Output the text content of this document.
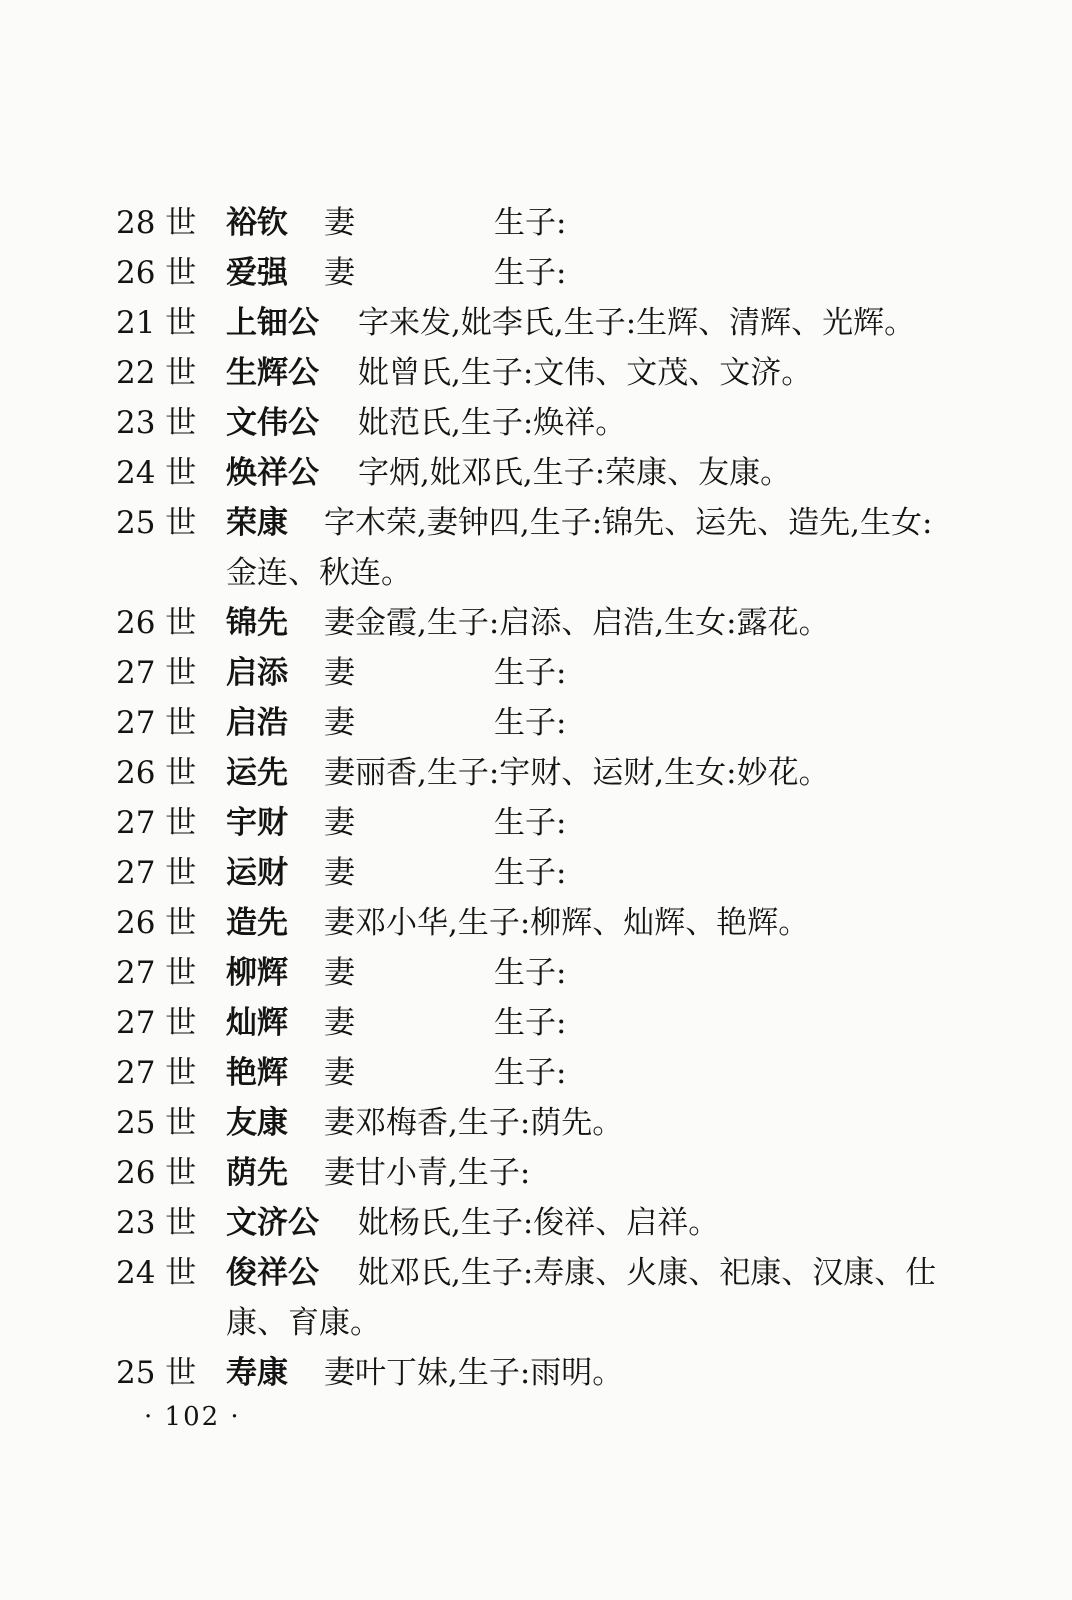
28 世 裕钦	妻	生子:
26 世 爱强	妻	生子:
21 世 上钿公	字来发,妣李氏,生子:生辉、清辉、光辉。
22 世 生辉公	妣曾氏,生子:文伟、文茂、文济。
23 世 文伟公	妣范氏,生子:焕祥。
24 世 焕祥公	字炳,妣邓氏,生子:荣康、友康。
25 世 荣康	字木荣,妻钟四,生子:锦先、运先、造先,生女:金连、秋连。
26 世 锦先	妻金霞,生子:启添、启浩,生女:露花。
27 世 启添	妻	生子:
27 世 启浩	妻	生子:
26 世 运先	妻丽香,生子:宇财、运财,生女:妙花。
27 世 宇财	妻	生子:
27 世 运财	妻	生子:
26 世 造先	妻邓小华,生子:柳辉、灿辉、艳辉。
27 世 柳辉	妻	生子:
27 世 灿辉	妻	生子:
27 世 艳辉	妻	生子:
25 世 友康	妻邓梅香,生子:荫先。
26 世 荫先	妻甘小青,生子:
23 世 文济公	妣杨氏,生子:俊祥、启祥。
24 世 俊祥公	妣邓氏,生子:寿康、火康、祀康、汉康、仕康、育康。
25 世 寿康	妻叶丁妹,生子:雨明。
· 102 ·
